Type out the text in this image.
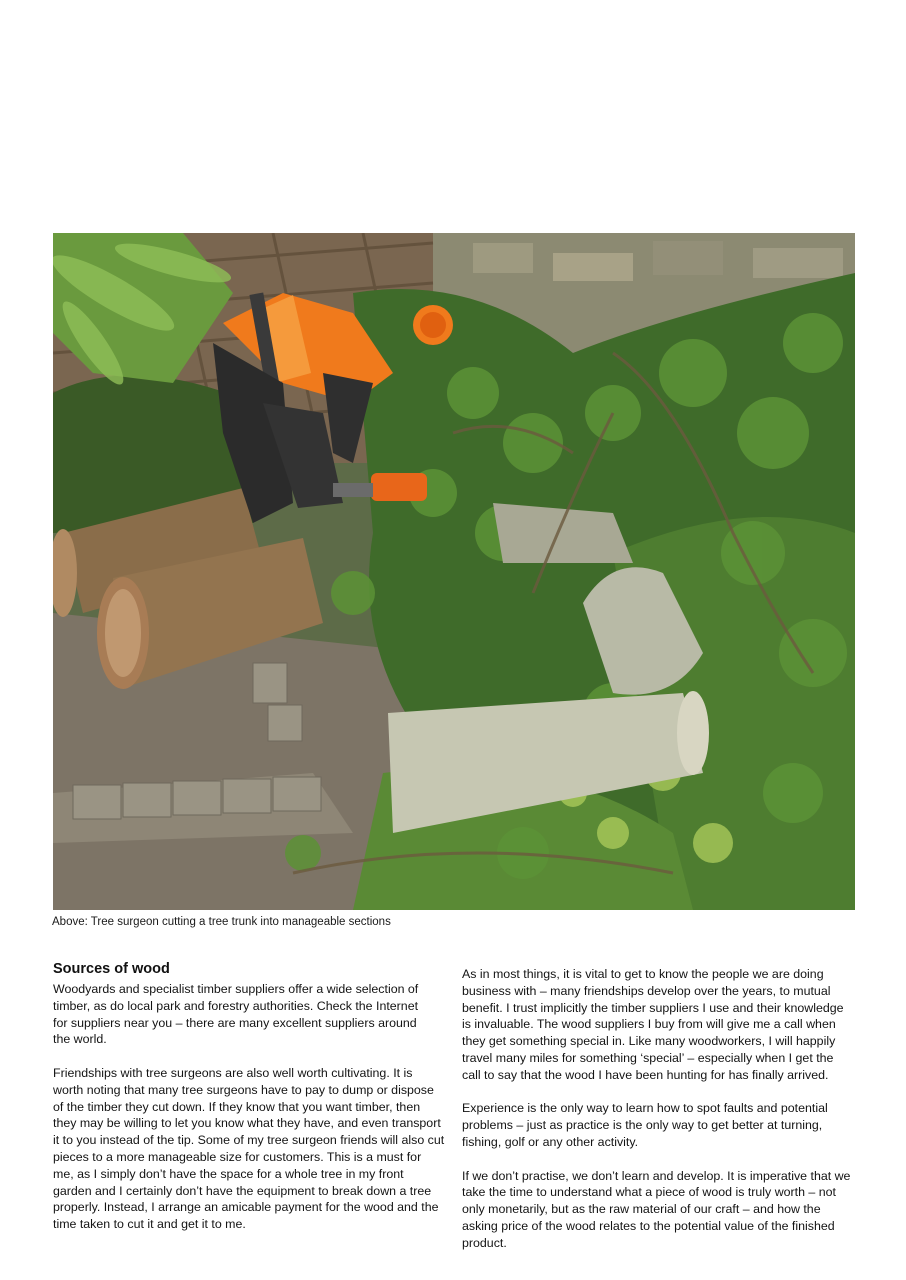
Above: Tree surgeon cutting a tree trunk into manageable sections
Sources of wood

Woodyards and specialist timber suppliers offer a wide selection of timber, as do local park and forestry authorities. Check the Internet for suppliers near you – there are many excellent suppliers around the world.

Friendships with tree surgeons are also well worth cultivating. It is worth noting that many tree surgeons have to pay to dump or dispose of the timber they cut down. If they know that you want timber, then they may be willing to let you know what they have, and even transport it to you instead of the tip. Some of my tree surgeon friends will also cut pieces to a more manageable size for customers. This is a must for me, as I simply don’t have the space for a whole tree in my front garden and I certainly don’t have the equipment to break down a tree properly. Instead, I arrange an amicable payment for the wood and the time taken to cut it and get it to me.

As in most things, it is vital to get to know the people we are doing business with – many friendships develop over the years, to mutual benefit. I trust implicitly the timber suppliers I use and their knowledge is invaluable. The wood suppliers I buy from will give me a call when they get something special in. Like many woodworkers, I will happily travel many miles for something ‘special’ – especially when I get the call to say that the wood I have been hunting for has finally arrived.

Experience is the only way to learn how to spot faults and potential problems – just as practice is the only way to get better at turning, fishing, golf or any other activity.

If we don’t practise, we don’t learn and develop. It is imperative that we take the time to understand what a piece of wood is truly worth – not only monetarily, but as the raw material of our craft – and how the asking price of the wood relates to the potential value of the finished product.
